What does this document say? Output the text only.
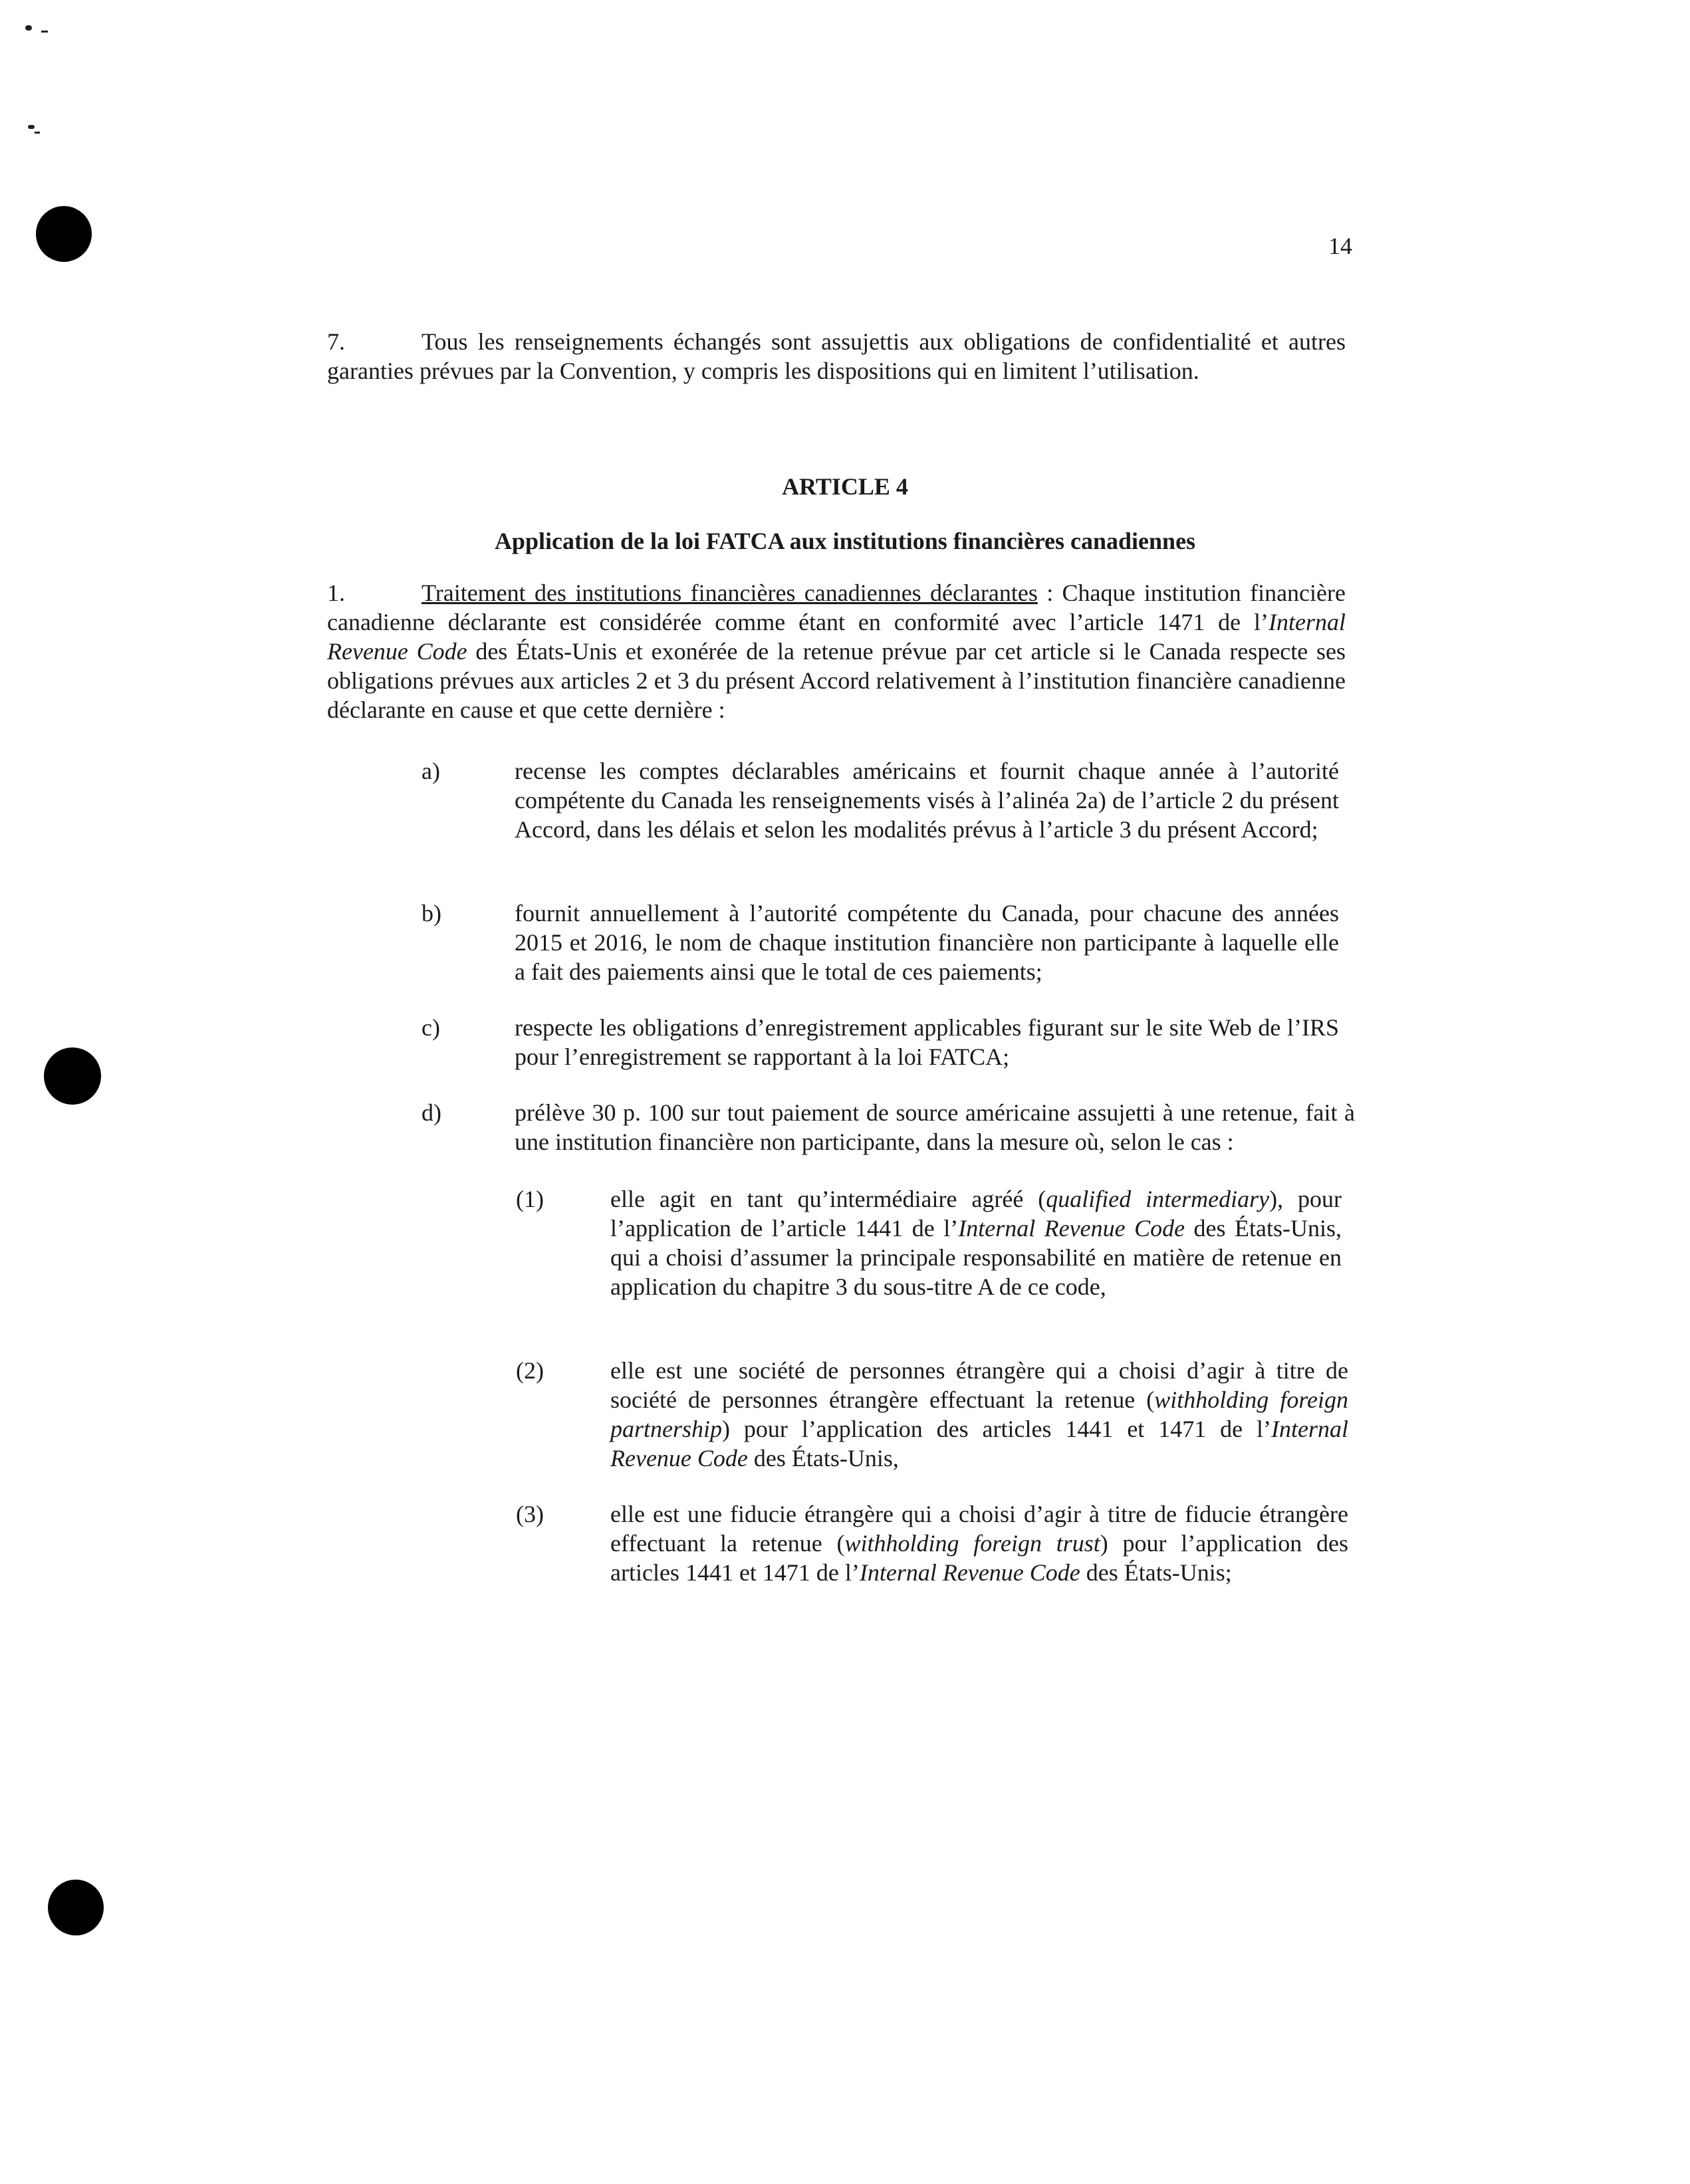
14
7.	Tous les renseignements échangés sont assujettis aux obligations de confidentialité et autres garanties prévues par la Convention, y compris les dispositions qui en limitent l’utilisation.
ARTICLE 4
Application de la loi FATCA aux institutions financières canadiennes
1.	Traitement des institutions financières canadiennes déclarantes : Chaque institution financière canadienne déclarante est considérée comme étant en conformité avec l’article 1471 de l’Internal Revenue Code des États-Unis et exonérée de la retenue prévue par cet article si le Canada respecte ses obligations prévues aux articles 2 et 3 du présent Accord relativement à l’institution financière canadienne déclarante en cause et que cette dernière :
a)	recense les comptes déclarables américains et fournit chaque année à l’autorité compétente du Canada les renseignements visés à l’alinéa 2a) de l’article 2 du présent Accord, dans les délais et selon les modalités prévus à l’article 3 du présent Accord;
b)	fournit annuellement à l’autorité compétente du Canada, pour chacune des années 2015 et 2016, le nom de chaque institution financière non participante à laquelle elle a fait des paiements ainsi que le total de ces paiements;
c)	respecte les obligations d’enregistrement applicables figurant sur le site Web de l’IRS pour l’enregistrement se rapportant à la loi FATCA;
d)	prélève 30 p. 100 sur tout paiement de source américaine assujetti à une retenue, fait à une institution financière non participante, dans la mesure où, selon le cas :
(1)	elle agit en tant qu’intermédiaire agréé (qualified intermediary), pour l’application de l’article 1441 de l’Internal Revenue Code des États-Unis, qui a choisi d’assumer la principale responsabilité en matière de retenue en application du chapitre 3 du sous-titre A de ce code,
(2)	elle est une société de personnes étrangère qui a choisi d’agir à titre de société de personnes étrangère effectuant la retenue (withholding foreign partnership) pour l’application des articles 1441 et 1471 de l’Internal Revenue Code des États-Unis,
(3)	elle est une fiducie étrangère qui a choisi d’agir à titre de fiducie étrangère effectuant la retenue (withholding foreign trust) pour l’application des articles 1441 et 1471 de l’Internal Revenue Code des États-Unis;
